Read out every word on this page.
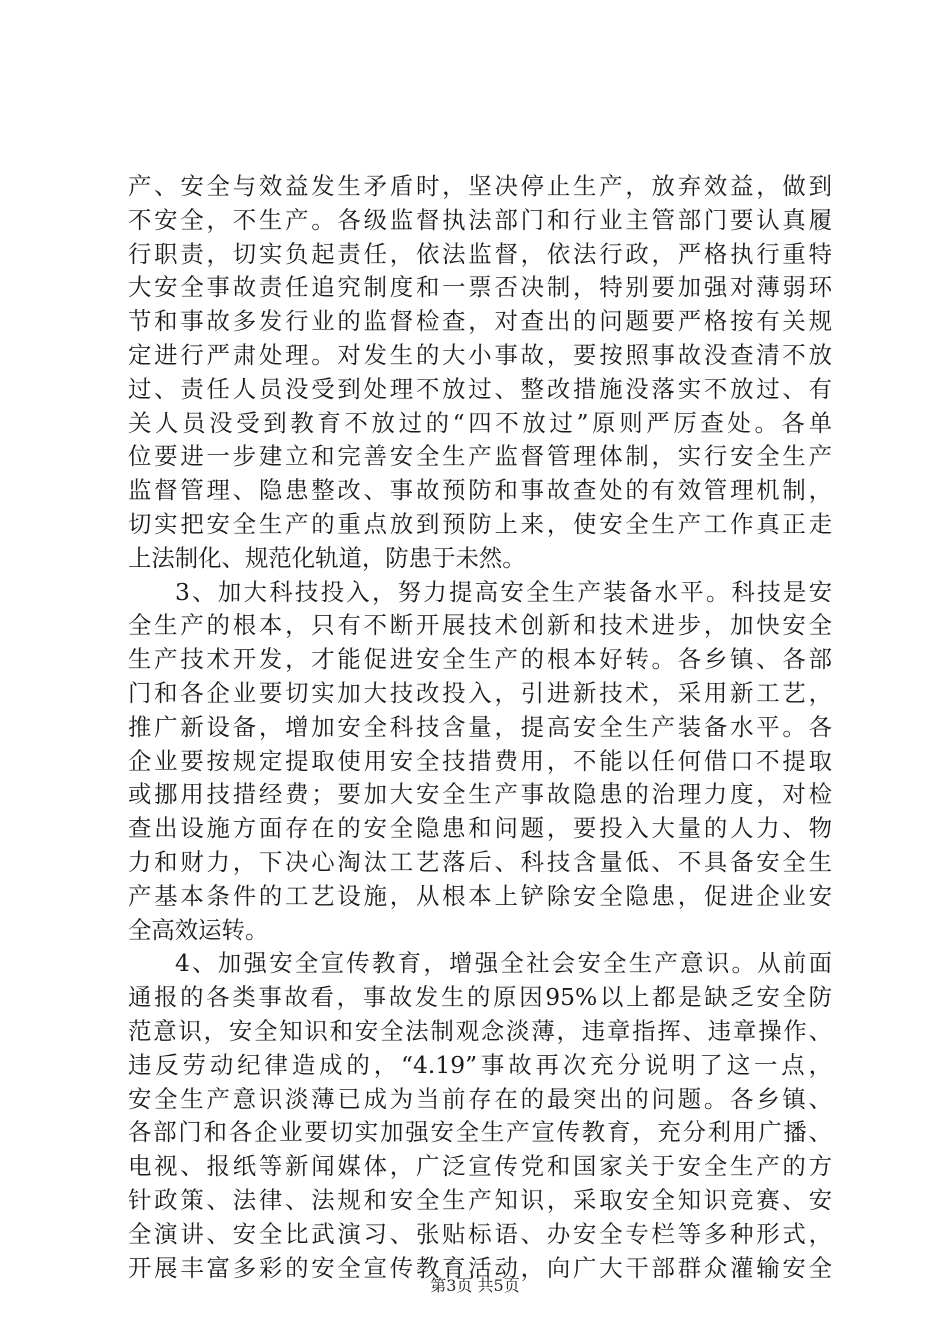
产、安全与效益发生矛盾时，坚决停止生产，放弃效益，做到
不安全，不生产。各级监督执法部门和行业主管部门要认真履
行职责，切实负起责任，依法监督，依法行政，严格执行重特
大安全事故责任追究制度和一票否决制，特别要加强对薄弱环
节和事故多发行业的监督检查，对查出的问题要严格按有关规
定进行严肃处理。对发生的大小事故，要按照事故没查清不放
过、责任人员没受到处理不放过、整改措施没落实不放过、有
关人员没受到教育不放过的“四不放过”原则严厉查处。各单
位要进一步建立和完善安全生产监督管理体制，实行安全生产
监督管理、隐患整改、事故预防和事故查处的有效管理机制，
切实把安全生产的重点放到预防上来，使安全生产工作真正走
上法制化、规范化轨道，防患于未然。
3、加大科技投入，努力提高安全生产装备水平。科技是安
全生产的根本，只有不断开展技术创新和技术进步，加快安全
生产技术开发，才能促进安全生产的根本好转。各乡镇、各部
门和各企业要切实加大技改投入，引进新技术，采用新工艺，
推广新设备，增加安全科技含量，提高安全生产装备水平。各
企业要按规定提取使用安全技措费用，不能以任何借口不提取
或挪用技措经费；要加大安全生产事故隐患的治理力度，对检
查出设施方面存在的安全隐患和问题，要投入大量的人力、物
力和财力，下决心淘汰工艺落后、科技含量低、不具备安全生
产基本条件的工艺设施，从根本上铲除安全隐患，促进企业安
全高效运转。
4、加强安全宣传教育，增强全社会安全生产意识。从前面
通报的各类事故看，事故发生的原因95%以上都是缺乏安全防
范意识，安全知识和安全法制观念淡薄，违章指挥、违章操作、
违反劳动纪律造成的，“4.19”事故再次充分说明了这一点，
安全生产意识淡薄已成为当前存在的最突出的问题。各乡镇、
各部门和各企业要切实加强安全生产宣传教育，充分利用广播、
电视、报纸等新闻媒体，广泛宣传党和国家关于安全生产的方
针政策、法律、法规和安全生产知识，采取安全知识竞赛、安
全演讲、安全比武演习、张贴标语、办安全专栏等多种形式，
开展丰富多彩的安全宣传教育活动，向广大干部群众灌输安全
第3页 共5页
